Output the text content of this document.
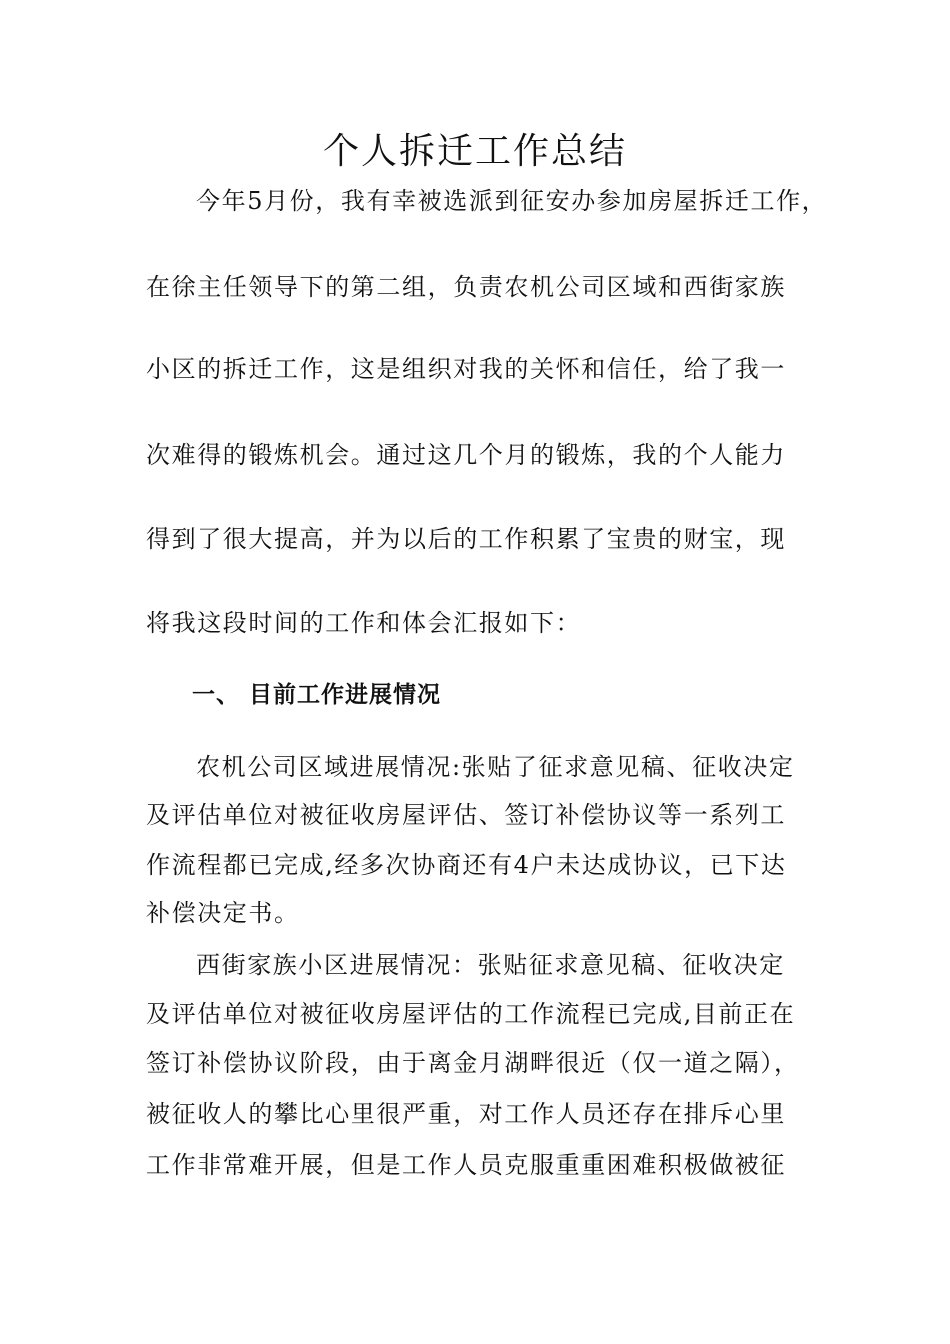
个人拆迁工作总结
今年5月份，我有幸被选派到征安办参加房屋拆迁工作，
在徐主任领导下的第二组，负责农机公司区域和西街家族
小区的拆迁工作，这是组织对我的关怀和信任，给了我一
次难得的锻炼机会。通过这几个月的锻炼，我的个人能力
得到了很大提高，并为以后的工作积累了宝贵的财宝，现
将我这段时间的工作和体会汇报如下：
一、 目前工作进展情况
农机公司区域进展情况:张贴了征求意见稿、征收决定
及评估单位对被征收房屋评估、签订补偿协议等一系列工
作流程都已完成,经多次协商还有4户未达成协议，已下达
补偿决定书。
西街家族小区进展情况：张贴征求意见稿、征收决定
及评估单位对被征收房屋评估的工作流程已完成,目前正在
签订补偿协议阶段，由于离金月湖畔很近（仅一道之隔），
被征收人的攀比心里很严重，对工作人员还存在排斥心里
工作非常难开展，但是工作人员克服重重困难积极做被征
